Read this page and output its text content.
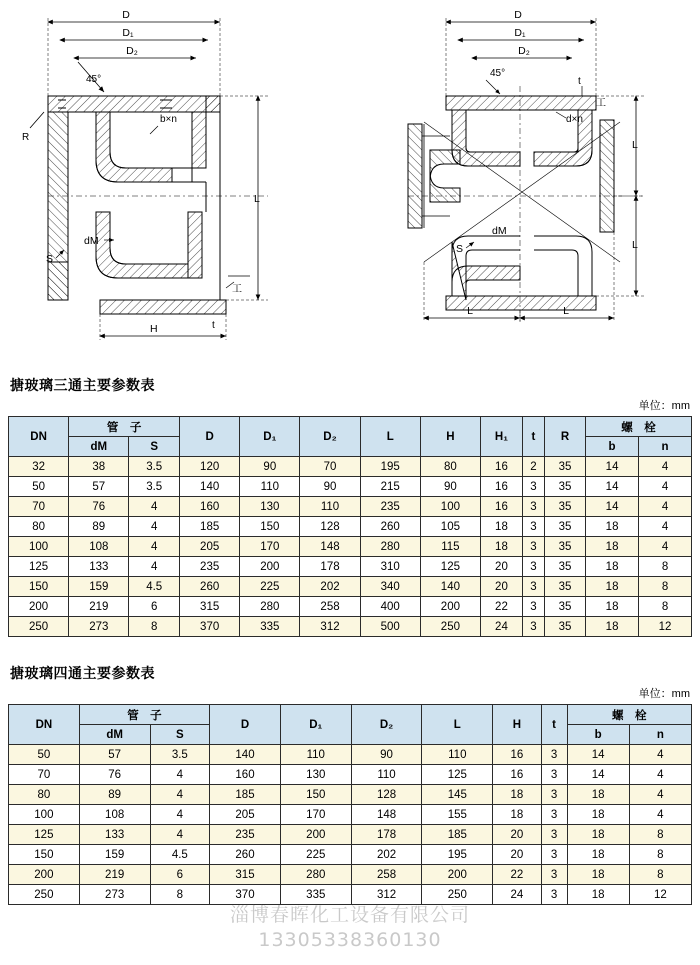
45°
R
D
D₁
D₂
b×n
S
dM
L
H	t
工
D
D₁
D₂
45°
t
工
d×n
S
dM
L
L
L	L
搪玻璃三通主要参数表
单位：mm
DN	管　子		D	D₁	D₂	L	H	H₁	t	R	螺　栓	
	dM	S									b	n
32	38	3.5	120	90	70	195	80	16	2	35	14	4
50	57	3.5	140	110	90	215	90	16	3	35	14	4
70	76	4	160	130	110	235	100	16	3	35	14	4
80	89	4	185	150	128	260	105	18	3	35	18	4
100	108	4	205	170	148	280	115	18	3	35	18	4
125	133	4	235	200	178	310	125	20	3	35	18	8
150	159	4.5	260	225	202	340	140	20	3	35	18	8
200	219	6	315	280	258	400	200	22	3	35	18	8
250	273	8	370	335	312	500	250	24	3	35	18	12
搪玻璃四通主要参数表
单位：mm
DN	管　子		D	D₁	D₂	L	H	t	螺　栓	
	dM	S							b	n
50	57	3.5	140	110	90	110	16	3	14	4
70	76	4	160	130	110	125	16	3	14	4
80	89	4	185	150	128	145	18	3	18	4
100	108	4	205	170	148	155	18	3	18	4
125	133	4	235	200	178	185	20	3	18	8
150	159	4.5	260	225	202	195	20	3	18	8
200	219	6	315	280	258	200	22	3	18	8
250	273	8	370	335	312	250	24	3	18	12
淄博春晖化工设备有限公司
13305338360130
